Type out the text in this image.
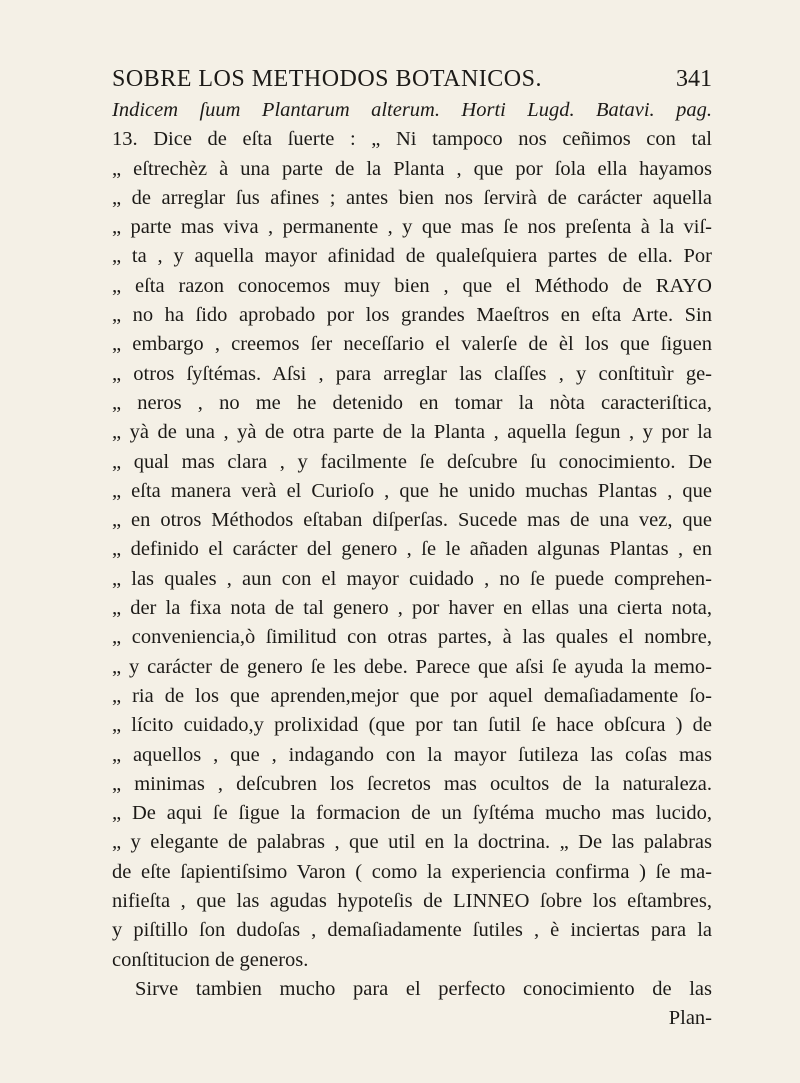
SOBRE LOS METHODOS BOTANICOS.	341
Indicem ſuum Plantarum alterum. Horti Lugd. Batavi. pag.
13. Dice de eſta ſuerte : „ Ni tampoco nos ceñimos con tal
„ eſtrechèz à una parte de la Planta , que por ſola ella hayamos
„ de arreglar ſus afines ; antes bien nos ſervirà de carácter aquella
„ parte mas viva , permanente , y que mas ſe nos preſenta à la viſ-
„ ta , y aquella mayor afinidad de qualeſquiera partes de ella. Por
„ eſta razon conocemos muy bien , que el Méthodo de RAYO
„ no ha ſido aprobado por los grandes Maeſtros en eſta Arte. Sin
„ embargo , creemos ſer neceſſario el valerſe de èl los que ſiguen
„ otros ſyſtémas. Aſsi , para arreglar las claſſes , y conſtituìr ge-
„ neros , no me he detenido en tomar la nòta caracteriſtica,
„ yà de una , yà de otra parte de la Planta , aquella ſegun , y por la
„ qual mas clara , y facilmente ſe deſcubre ſu conocimiento. De
„ eſta manera verà el Curioſo , que he unido muchas Plantas , que
„ en otros Méthodos eſtaban diſperſas. Sucede mas de una vez, que
„ definido el carácter del genero , ſe le añaden algunas Plantas , en
„ las quales , aun con el mayor cuidado , no ſe puede comprehen-
„ der la fixa nota de tal genero , por haver en ellas una cierta nota,
„ conveniencia,ò ſimilitud con otras partes, à las quales el nombre,
„ y carácter de genero ſe les debe. Parece que aſsi ſe ayuda la memo-
„ ria de los que aprenden,mejor que por aquel demaſiadamente ſo-
„ lícito cuidado,y prolixidad (que por tan ſutil ſe hace obſcura ) de
„ aquellos , que , indagando con la mayor ſutileza las coſas mas
„ minimas , deſcubren los ſecretos mas ocultos de la naturaleza.
„ De aqui ſe ſigue la formacion de un ſyſtéma mucho mas lucido,
„ y elegante de palabras , que util en la doctrina. „ De las palabras
de eſte ſapientiſsimo Varon ( como la experiencia confirma ) ſe ma-
nifieſta , que las agudas hypoteſis de LINNEO ſobre los eſtambres,
y piſtillo ſon dudoſas , demaſiadamente ſutiles , è inciertas para la
conſtitucion de generos.
Sirve tambien mucho para el perfecto conocimiento de las
Plan-
